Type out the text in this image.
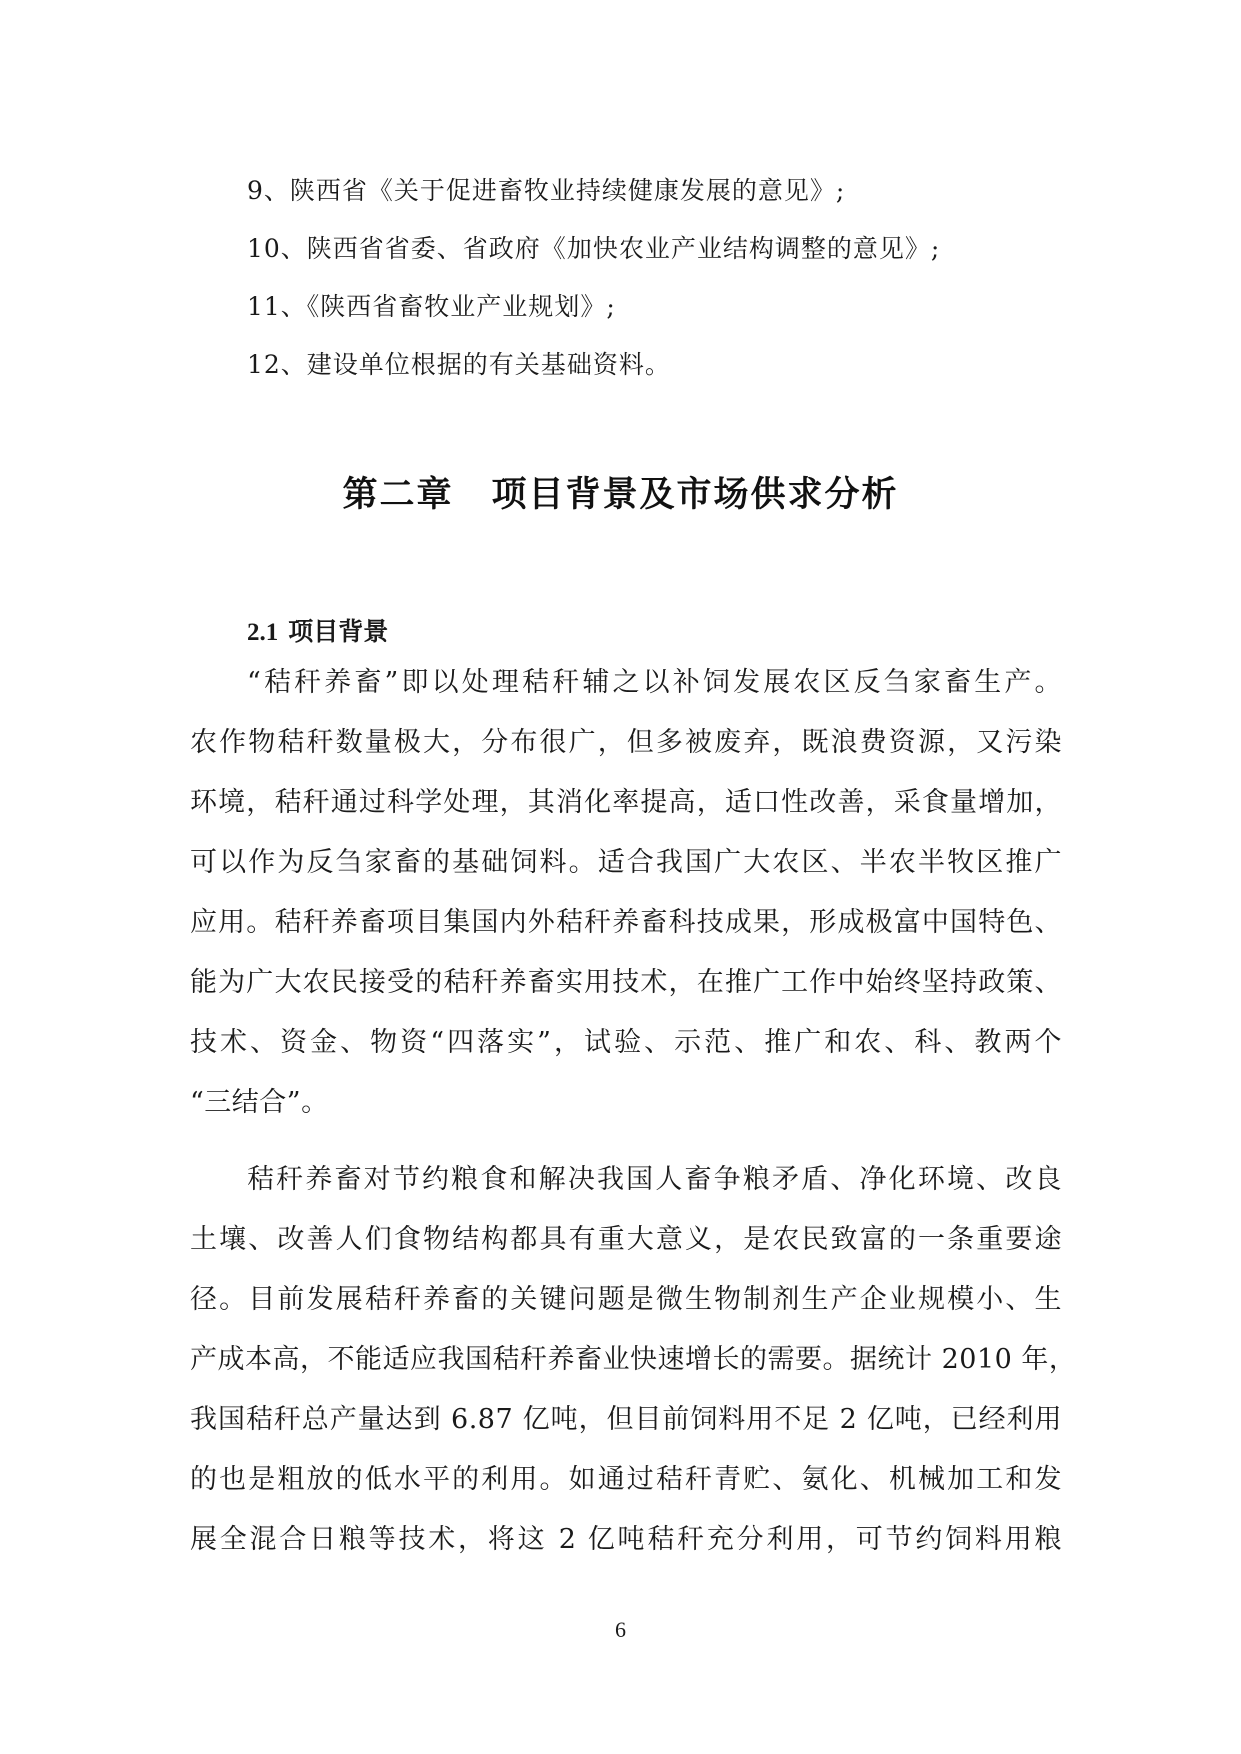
9、陕西省《关于促进畜牧业持续健康发展的意见》;
10、陕西省省委、省政府《加快农业产业结构调整的意见》;
11、《陕西省畜牧业产业规划》;
12、建设单位根据的有关基础资料。
第二章 项目背景及市场供求分析
2.1 项目背景
“秸秆养畜”即以处理秸秆辅之以补饲发展农区反刍家畜生产。
农作物秸秆数量极大，分布很广，但多被废弃，既浪费资源，又污染
环境，秸秆通过科学处理，其消化率提高，适口性改善，采食量增加，
可以作为反刍家畜的基础饲料。适合我国广大农区、半农半牧区推广
应用。秸秆养畜项目集国内外秸秆养畜科技成果，形成极富中国特色、
能为广大农民接受的秸秆养畜实用技术，在推广工作中始终坚持政策、
技术、资金、物资“四落实”，试验、示范、推广和农、科、教两个
“三结合”。
秸秆养畜对节约粮食和解决我国人畜争粮矛盾、净化环境、改良
土壤、改善人们食物结构都具有重大意义，是农民致富的一条重要途
径。目前发展秸秆养畜的关键问题是微生物制剂生产企业规模小、生
产成本高，不能适应我国秸秆养畜业快速增长的需要。据统计 2010 年，
我国秸秆总产量达到 6.87 亿吨，但目前饲料用不足 2 亿吨，已经利用
的也是粗放的低水平的利用。如通过秸秆青贮、氨化、机械加工和发
展全混合日粮等技术，将这 2 亿吨秸秆充分利用，可节约饲料用粮
6
